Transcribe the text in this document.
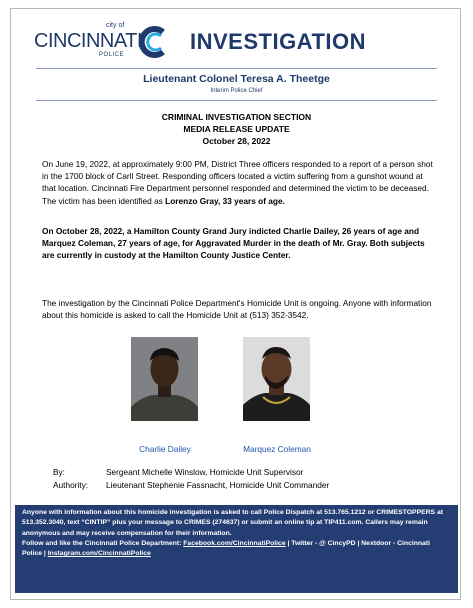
city of
CINCINNATI
POLICE
INVESTIGATION
Lieutenant Colonel Teresa A. Theetge
Interim Police Chief
CRIMINAL INVESTIGATION SECTION
MEDIA RELEASE UPDATE
October 28, 2022
On June 19, 2022, at approximately 9:00 PM, District Three officers responded to a report of a person shot in the 1700 block of Carll Street. Responding officers located a victim suffering from a gunshot wound at that location. Cincinnati Fire Department personnel responded and determined the victim to be deceased. The victim has been identified as Lorenzo Gray, 33 years of age.
On October 28, 2022, a Hamilton County Grand Jury indicted Charlie Dailey, 26 years of age and Marquez Coleman, 27 years of age, for Aggravated Murder in the death of Mr. Gray. Both subjects are currently in custody at the Hamilton County Justice Center.
The investigation by the Cincinnati Police Department's Homicide Unit is ongoing. Anyone with information about this homicide is asked to call the Homicide Unit at (513) 352-3542.
Charlie Dailey	Marquez Coleman
By:	Sergeant Michelle Winslow, Homicide Unit Supervisor
Authority: Lieutenant Stephenie Fassnacht, Homicide Unit Commander
Anyone with information about this homicide investigation is asked to call Police Dispatch at 513.765.1212 or CRIMESTOPPERS at 513.352.3040, text “CINTIP” plus your message to CRIMES (274637) or submit an online tip at TIP411.com. Callers may remain anonymous and may receive compensation for their information.
Follow and like the Cincinnati Police Department: Facebook.com/CincinnatiPolice | Twitter - @ CincyPD | Nextdoor - Cincinnati Police | Instagram.com/CincinnatiPolice
